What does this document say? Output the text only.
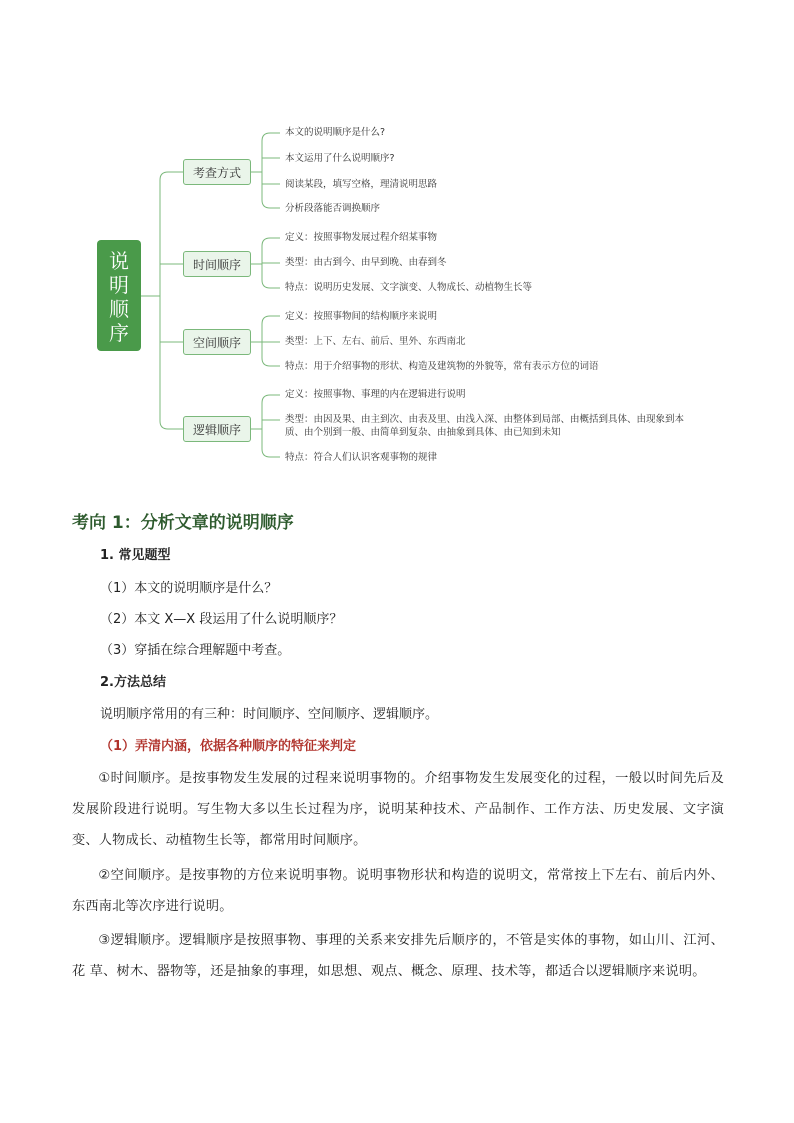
说明顺序
考查方式
时间顺序
空间顺序
逻辑顺序
本文的说明顺序是什么?
本文运用了什么说明顺序?
阅读某段，填写空格，理清说明思路
分析段落能否调换顺序
定义：按照事物发展过程介绍某事物
类型：由古到今、由早到晚、由春到冬
特点：说明历史发展、文字演变、人物成长、动植物生长等
定义：按照事物间的结构顺序来说明
类型：上下、左右、前后、里外、东西南北
特点：用于介绍事物的形状、构造及建筑物的外貌等，常有表示方位的词语
定义：按照事物、事理的内在逻辑进行说明
类型：由因及果、由主到次、由表及里、由浅入深、由整体到局部、由概括到具体、由现象到本质、由个别到一般、由简单到复杂、由抽象到具体、由已知到未知
特点：符合人们认识客观事物的规律
考向 1：分析文章的说明顺序
1. 常见题型
（1）本文的说明顺序是什么？
（2）本文 X—X 段运用了什么说明顺序？
（3）穿插在综合理解题中考查。
2.方法总结
说明顺序常用的有三种：时间顺序、空间顺序、逻辑顺序。
（1）弄清内涵，依据各种顺序的特征来判定
①时间顺序。是按事物发生发展的过程来说明事物的。介绍事物发生发展变化的过程，一般以时间先后及发展阶段进行说明。写生物大多以生长过程为序，说明某种技术、产品制作、工作方法、历史发展、文字演变、人物成长、动植物生长等，都常用时间顺序。
②空间顺序。是按事物的方位来说明事物。说明事物形状和构造的说明文，常常按上下左右、前后内外、东西南北等次序进行说明。
③逻辑顺序。逻辑顺序是按照事物、事理的关系来安排先后顺序的，不管是实体的事物，如山川、江河、花 草、树木、器物等，还是抽象的事理，如思想、观点、概念、原理、技术等，都适合以逻辑顺序来说明。
